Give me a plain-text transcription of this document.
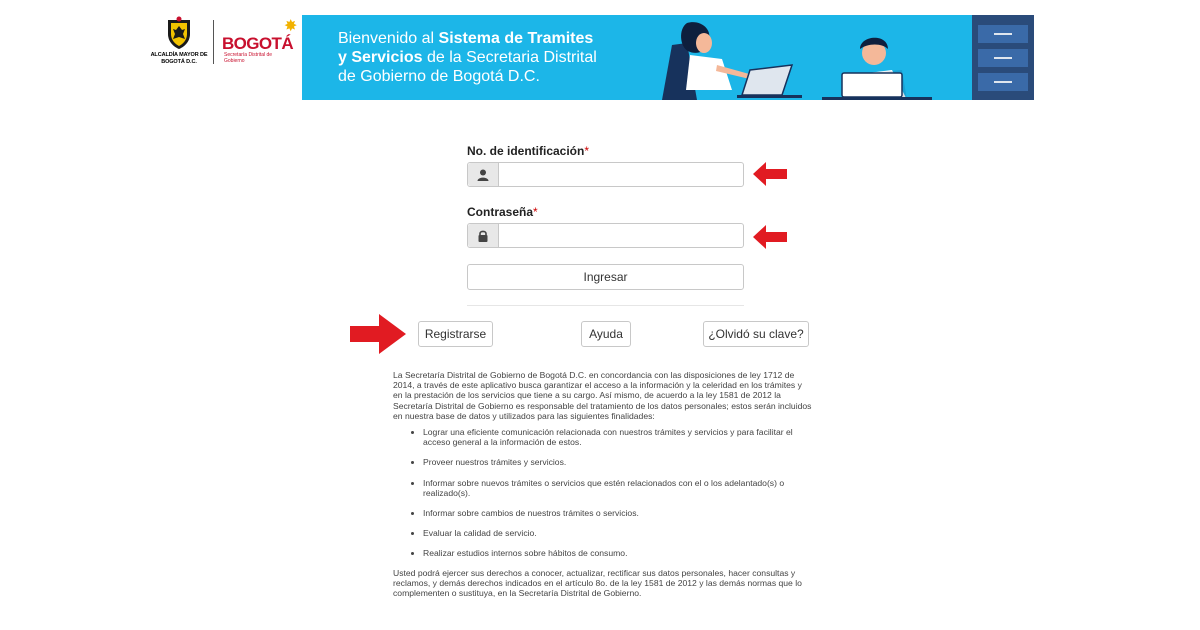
ALCALDÍA MAYOR DE BOGOTÁ D.C.
✸
BOGOTÁ
Secretaría Distrital de Gobierno
Bienvenido al Sistema de Tramites
y Servicios de la Secretaria Distrital
de Gobierno de Bogotá D.C.
No. de identificación*
Contraseña*
Ingresar
Registrarse	Ayuda	¿Olvidó su clave?

La Secretaría Distrital de Gobierno de Bogotá D.C. en concordancia con las disposiciones de ley 1712 de 2014, a través de este aplicativo busca garantizar el acceso a la información y la celeridad en los trámites y en la prestación de los servicios que tiene a su cargo. Así mismo, de acuerdo a la ley 1581 de 2012 la Secretaría Distrital de Gobierno es responsable del tratamiento de los datos personales; estos serán incluidos en nuestra base de datos y utilizados para las siguientes finalidades:

• Lograr una eficiente comunicación relacionada con nuestros trámites y servicios y para facilitar el acceso general a la información de estos.
• Proveer nuestros trámites y servicios.
• Informar sobre nuevos trámites o servicios que estén relacionados con el o los adelantado(s) o realizado(s).
• Informar sobre cambios de nuestros trámites o servicios.
• Evaluar la calidad de servicio.
• Realizar estudios internos sobre hábitos de consumo.

Usted podrá ejercer sus derechos a conocer, actualizar, rectificar sus datos personales, hacer consultas y reclamos, y demás derechos indicados en el artículo 8o. de la ley 1581 de 2012 y las demás normas que lo complementen o sustituya, en la Secretaría Distrital de Gobierno.
